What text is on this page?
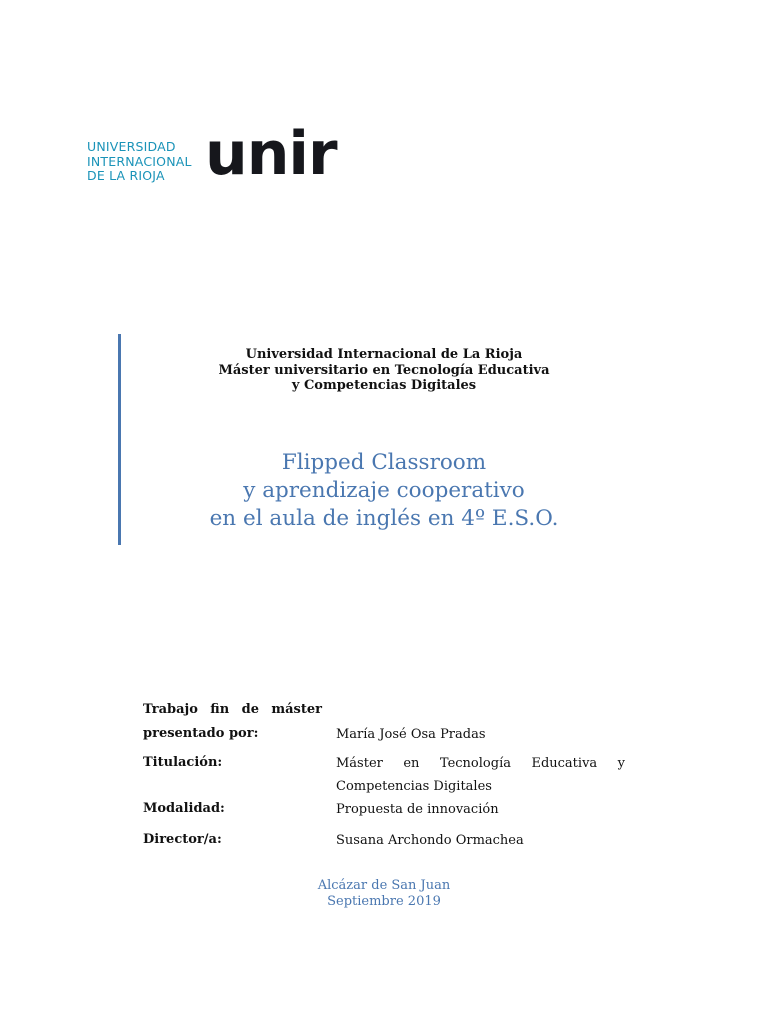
UNIVERSIDAD
INTERNACIONAL
DE LA RIOJA unir
Universidad Internacional de La Rioja
Máster universitario en Tecnología Educativa
y Competencias Digitales
Flipped Classroom
y aprendizaje cooperativo
en el aula de inglés en 4º E.S.O.
Trabajo fin de máster
presentado por:	María José Osa Pradas
Titulación:	Máster en Tecnología Educativa y
Competencias Digitales
Modalidad:	Propuesta de innovación
Director/a:	Susana Archondo Ormachea
Alcázar de San Juan
Septiembre 2019
